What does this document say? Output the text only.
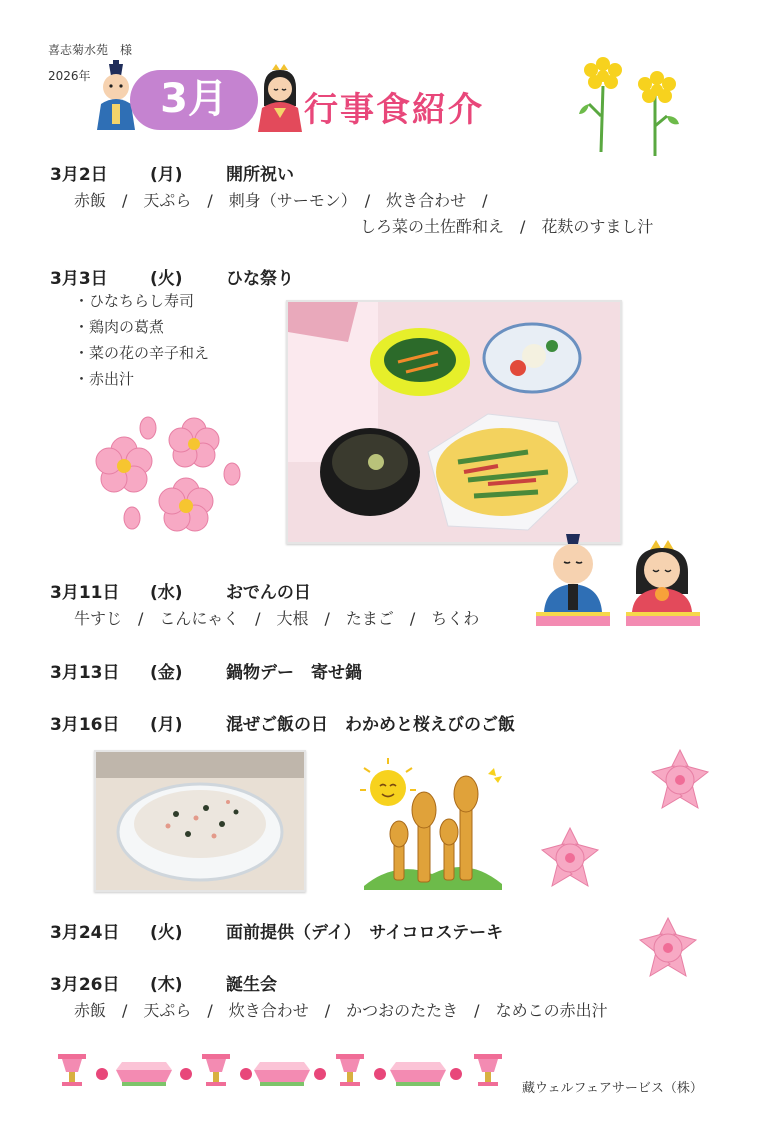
喜志菊水苑　様
2026年	3月	行事食紹介
3月2日 (月)	開所祝い
赤飯　/　天ぷら　/　刺身（サーモン）　/　炊き合わせ　/
しろ菜の土佐酢和え　/　花麸のすまし汁
3月3日 (火)	ひな祭り
・ひなちらし寿司
・鶏肉の葛煮
・菜の花の辛子和え
・赤出汁
3月11日 (水)	おでんの日
牛すじ　/　こんにゃく　/　大根　/　たまご　/　ちくわ
3月13日 (金)	鍋物デー　寄せ鍋
3月16日 (月)	混ぜご飯の日　わかめと桜えびのご飯
3月24日 (火)	面前提供（デイ）　サイコロステーキ
3月26日 (木)	誕生会
赤飯　/　天ぷら　/　炊き合わせ　/　かつおのたたき　/　なめこの赤出汁
藏ウェルフェアサービス（株）
